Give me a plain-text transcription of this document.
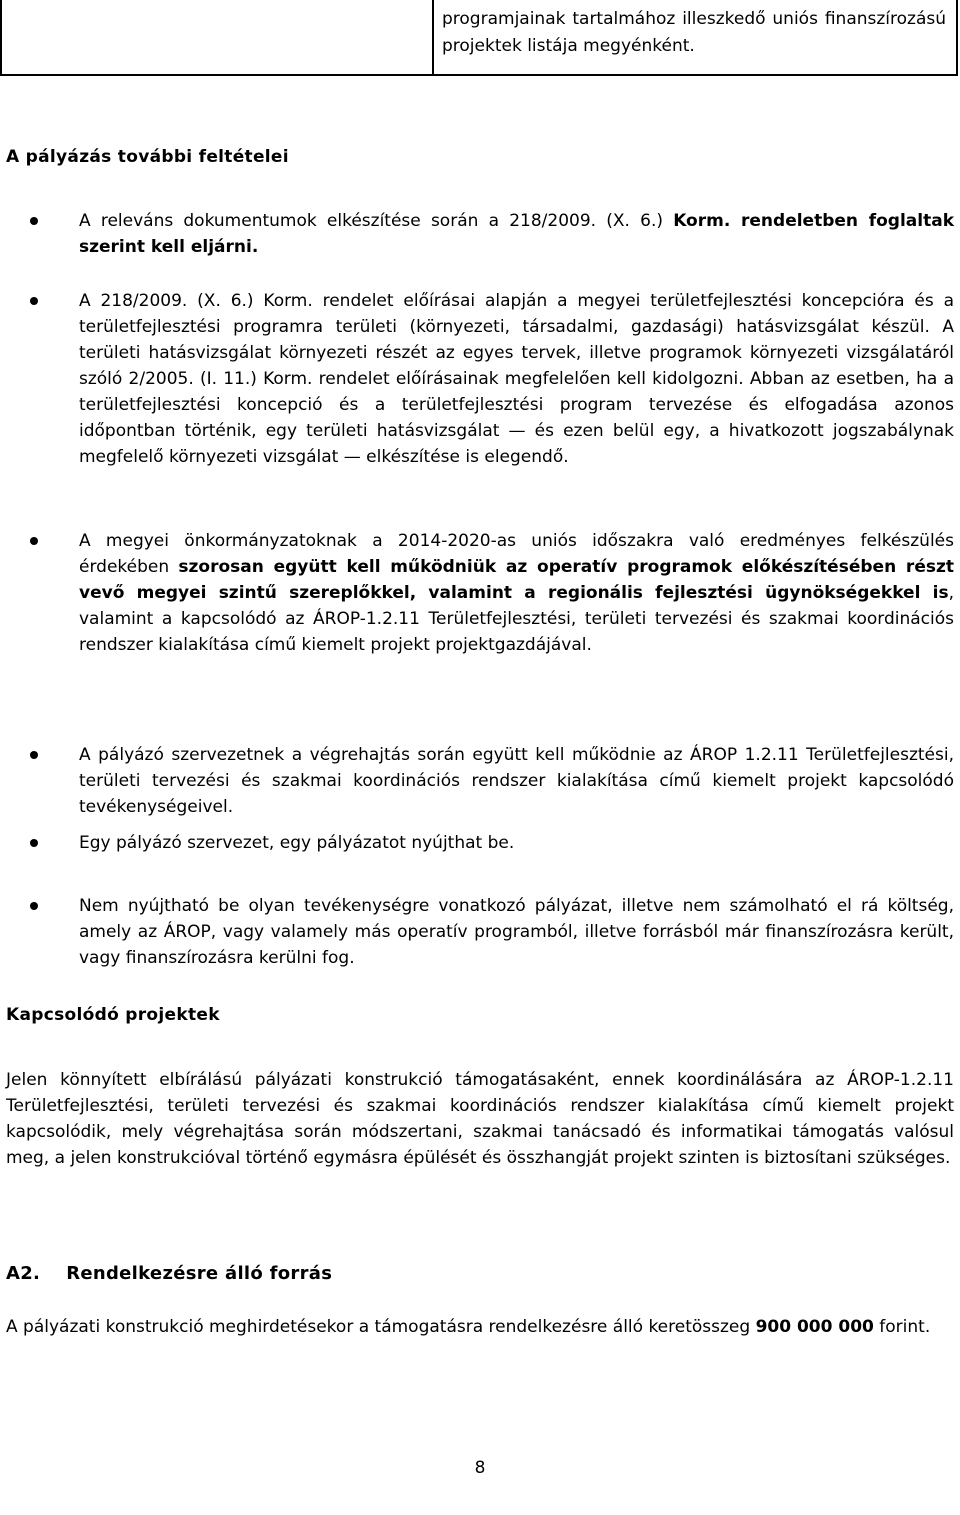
programjainak tartalmához illeszkedő uniós finanszírozású projektek listája megyénként.
A pályázás további feltételei
A releváns dokumentumok elkészítése során a 218/2009. (X. 6.) Korm. rendeletben foglaltak szerint kell eljárni.
A 218/2009. (X. 6.) Korm. rendelet előírásai alapján a megyei területfejlesztési koncepcióra és a területfejlesztési programra területi (környezeti, társadalmi, gazdasági) hatásvizsgálat készül. A területi hatásvizsgálat környezeti részét az egyes tervek, illetve programok környezeti vizsgálatáról szóló 2/2005. (I. 11.) Korm. rendelet előírásainak megfelelően kell kidolgozni. Abban az esetben, ha a területfejlesztési koncepció és a területfejlesztési program tervezése és elfogadása azonos időpontban történik, egy területi hatásvizsgálat — és ezen belül egy, a hivatkozott jogszabálynak megfelelő környezeti vizsgálat — elkészítése is elegendő.
A megyei önkormányzatoknak a 2014-2020-as uniós időszakra való eredményes felkészülés érdekében szorosan együtt kell működniük az operatív programok előkészítésében részt vevő megyei szintű szereplőkkel, valamint a regionális fejlesztési ügynökségekkel is, valamint a kapcsolódó az ÁROP-1.2.11 Területfejlesztési, területi tervezési és szakmai koordinációs rendszer kialakítása című kiemelt projekt projektgazdájával.
A pályázó szervezetnek a végrehajtás során együtt kell működnie az ÁROP 1.2.11 Területfejlesztési, területi tervezési és szakmai koordinációs rendszer kialakítása című kiemelt projekt kapcsolódó tevékenységeivel.
Egy pályázó szervezet, egy pályázatot nyújthat be.
Nem nyújtható be olyan tevékenységre vonatkozó pályázat, illetve nem számolható el rá költség, amely az ÁROP, vagy valamely más operatív programból, illetve forrásból már finanszírozásra került, vagy finanszírozásra kerülni fog.
Kapcsolódó projektek
Jelen könnyített elbírálású pályázati konstrukció támogatásaként, ennek koordinálására az ÁROP-1.2.11 Területfejlesztési, területi tervezési és szakmai koordinációs rendszer kialakítása című kiemelt projekt kapcsolódik, mely végrehajtása során módszertani, szakmai tanácsadó és informatikai támogatás valósul meg, a jelen konstrukcióval történő egymásra épülését és összhangját projekt szinten is biztosítani szükséges.
A2. Rendelkezésre álló forrás
A pályázati konstrukció meghirdetésekor a támogatásra rendelkezésre álló keretösszeg 900 000 000 forint.
8
